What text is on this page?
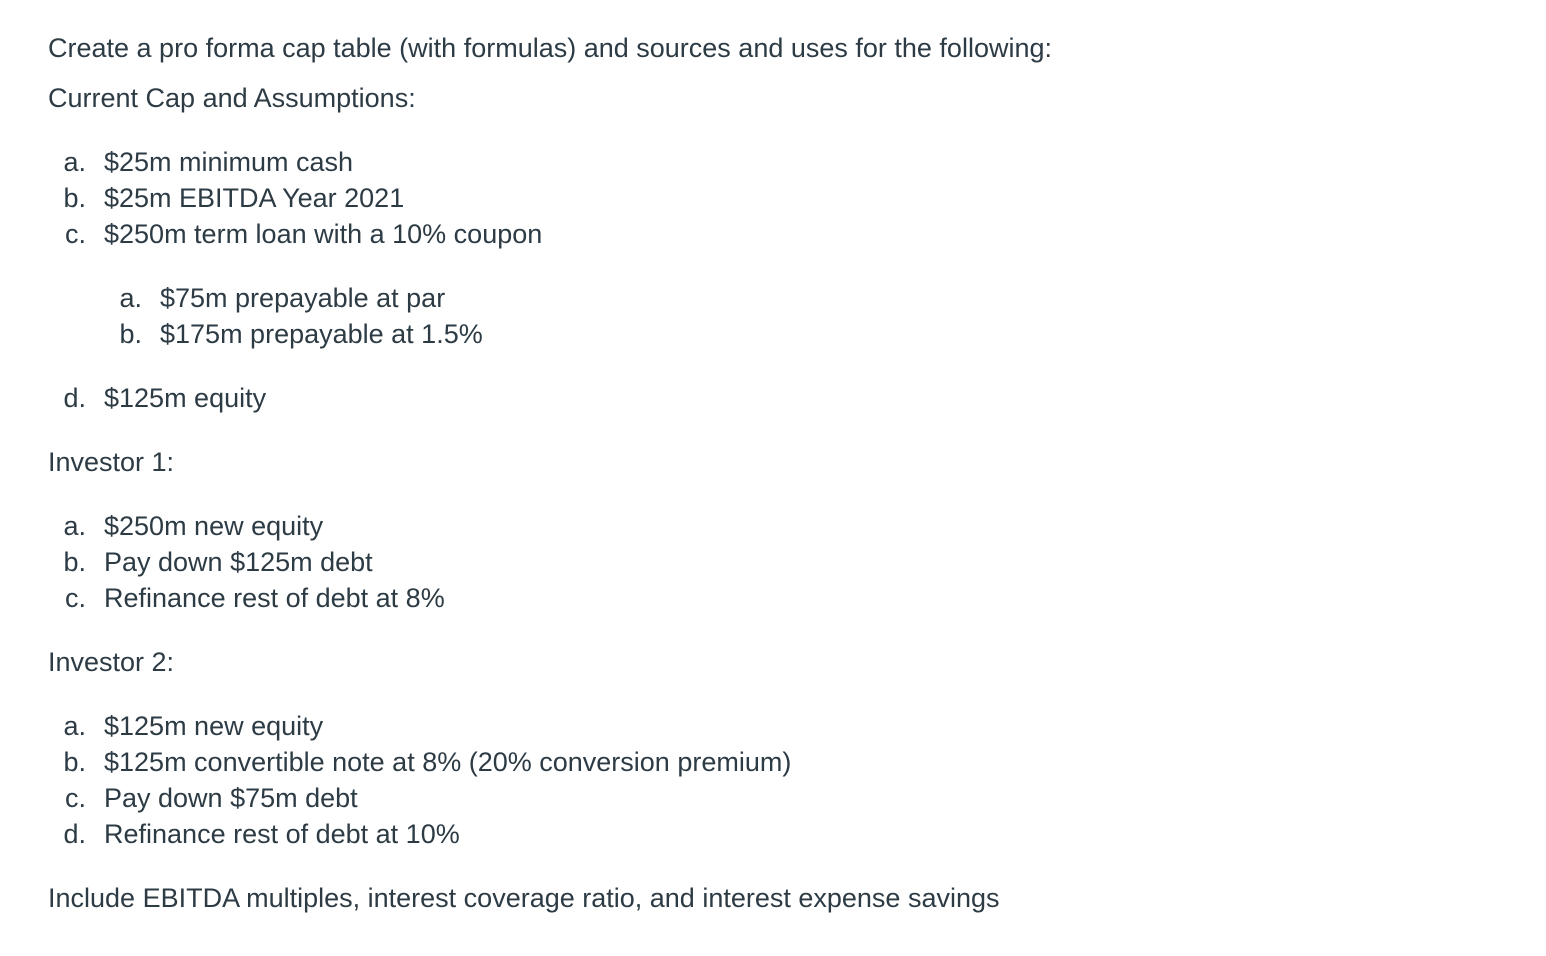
Create a pro forma cap table (with formulas) and sources and uses for the following:
Current Cap and Assumptions:
a. $25m minimum cash
b. $25m EBITDA Year 2021
c. $250m term loan with a 10% coupon
a. $75m prepayable at par
b. $175m prepayable at 1.5%
d. $125m equity
Investor 1:
a. $250m new equity
b. Pay down $125m debt
c. Refinance rest of debt at 8%
Investor 2:
a. $125m new equity
b. $125m convertible note at 8% (20% conversion premium)
c. Pay down $75m debt
d. Refinance rest of debt at 10%
Include EBITDA multiples, interest coverage ratio, and interest expense savings
